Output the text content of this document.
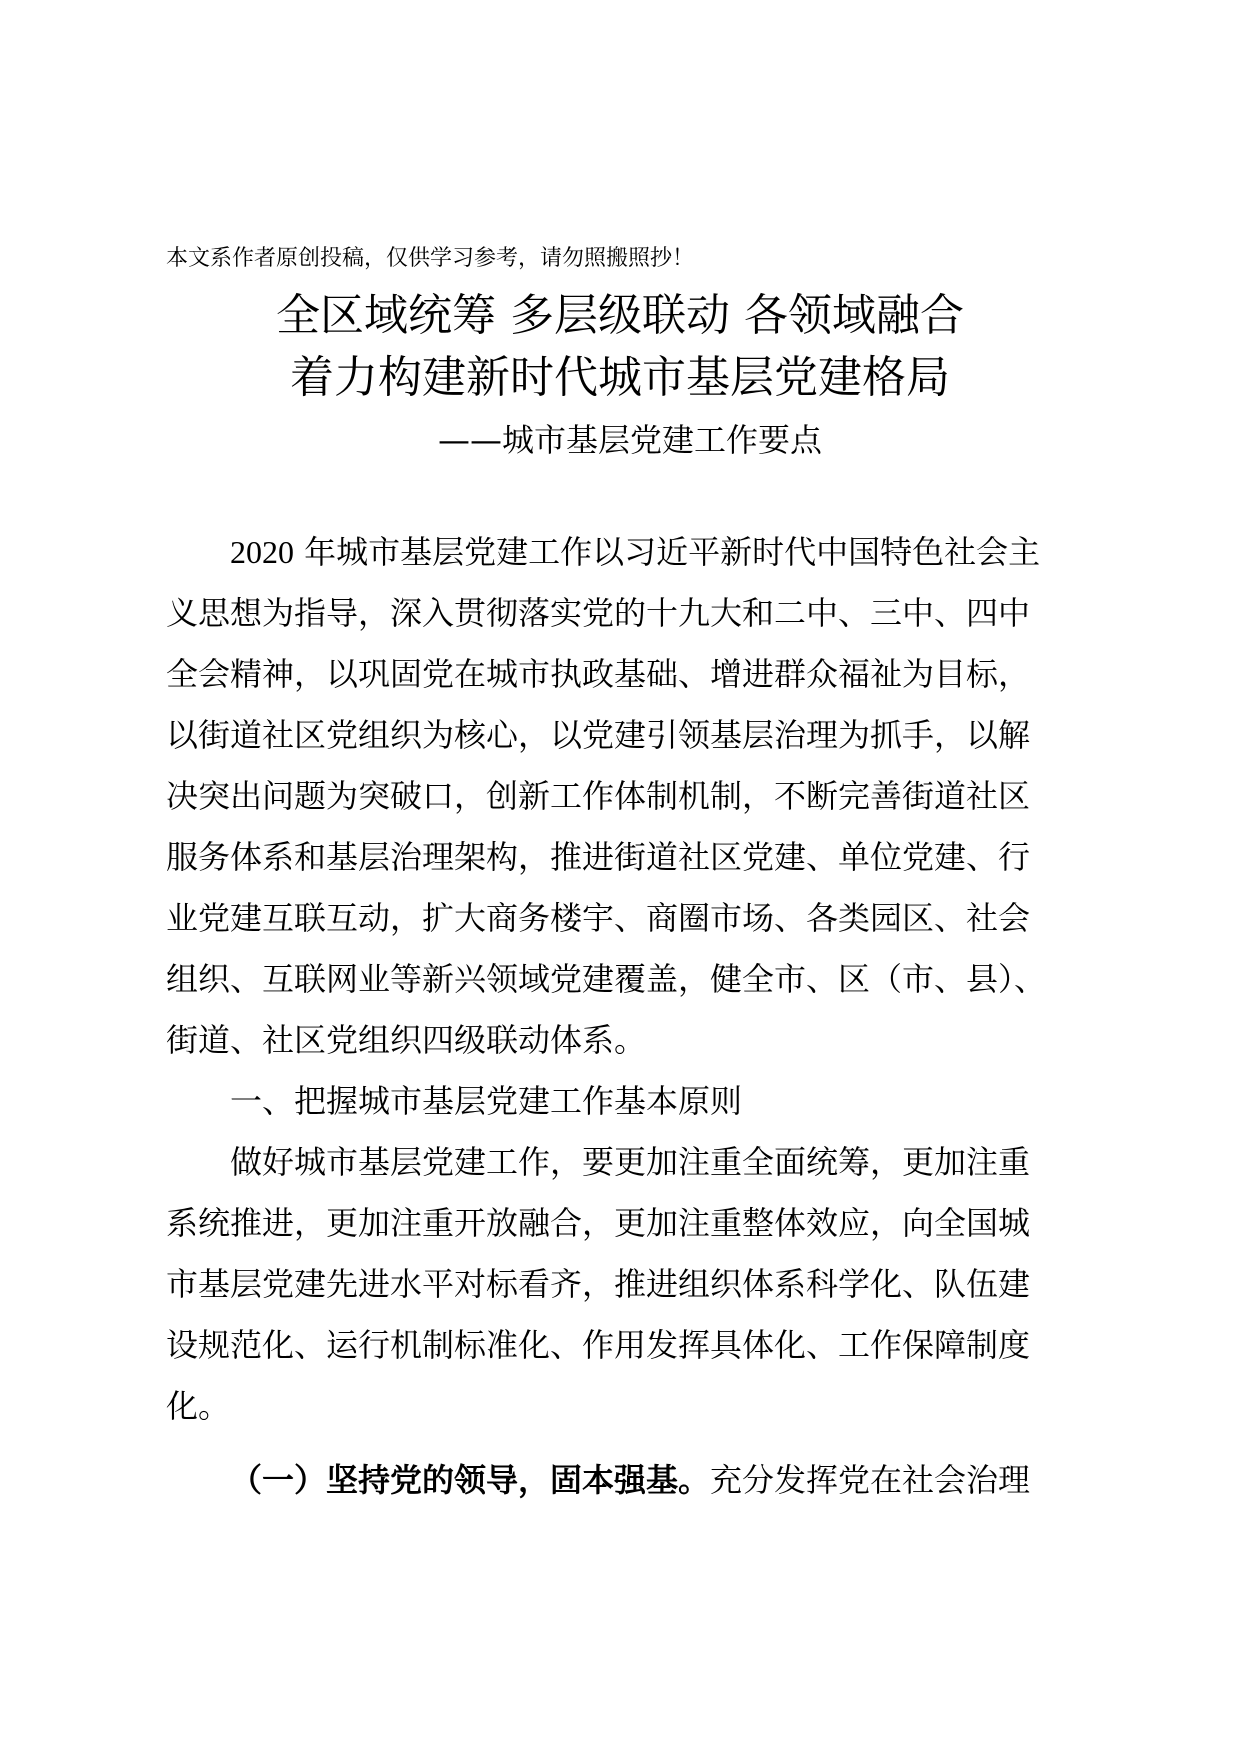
本文系作者原创投稿，仅供学习参考，请勿照搬照抄！
全区域统筹 多层级联动 各领域融合
着力构建新时代城市基层党建格局
——城市基层党建工作要点
2020 年城市基层党建工作以习近平新时代中国特色社会主
义思想为指导，深入贯彻落实党的十九大和二中、三中、四中
全会精神，以巩固党在城市执政基础、增进群众福祉为目标，
以街道社区党组织为核心，以党建引领基层治理为抓手，以解
决突出问题为突破口，创新工作体制机制，不断完善街道社区
服务体系和基层治理架构，推进街道社区党建、单位党建、行
业党建互联互动，扩大商务楼宇、商圈市场、各类园区、社会
组织、互联网业等新兴领域党建覆盖，健全市、区（市、县）、
街道、社区党组织四级联动体系。
一、把握城市基层党建工作基本原则
做好城市基层党建工作，要更加注重全面统筹，更加注重
系统推进，更加注重开放融合，更加注重整体效应，向全国城
市基层党建先进水平对标看齐，推进组织体系科学化、队伍建
设规范化、运行机制标准化、作用发挥具体化、工作保障制度
化。
（一）坚持党的领导，固本强基。充分发挥党在社会治理
